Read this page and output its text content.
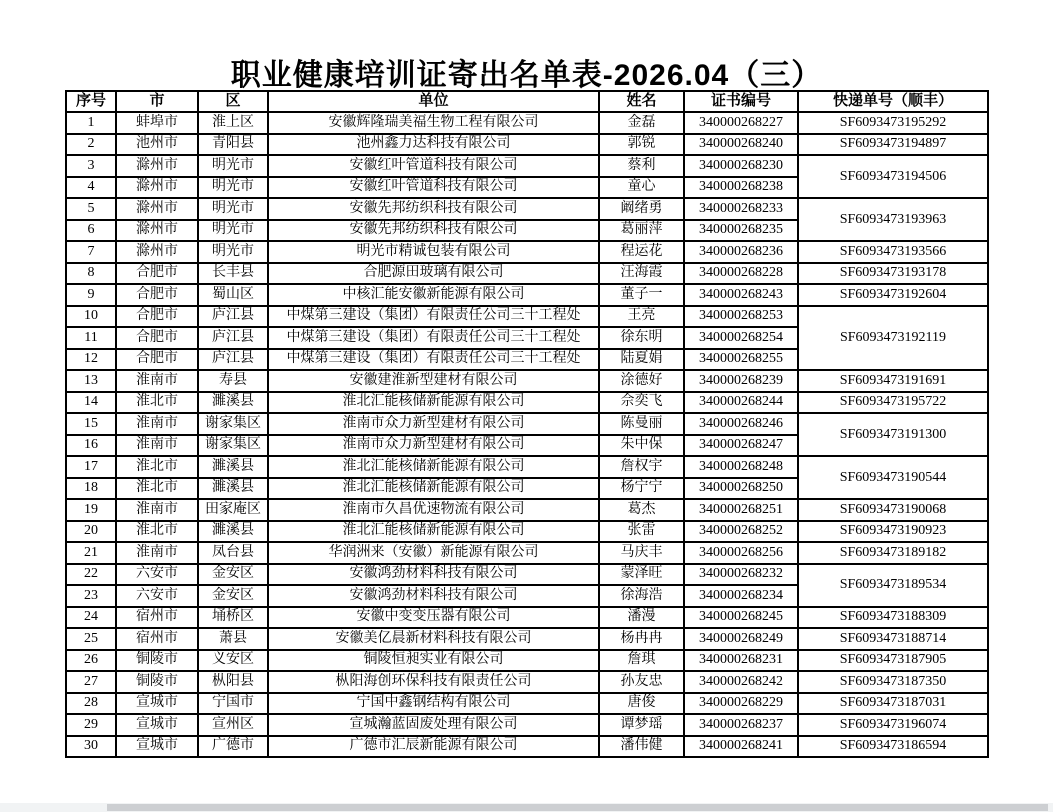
职业健康培训证寄出名单表-2026.04（三）
序号	市	区	单位	姓名	证书编号	快递单号（顺丰）
1	蚌埠市	淮上区	安徽辉隆瑞美福生物工程有限公司	金磊	340000268227	SF6093473195292
2	池州市	青阳县	池州鑫力达科技有限公司	郭锐	340000268240	SF6093473194897
3	滁州市	明光市	安徽红叶管道科技有限公司	蔡利	340000268230	SF6093473194506
4	滁州市	明光市	安徽红叶管道科技有限公司	童心	340000268238	
5	滁州市	明光市	安徽先邦纺织科技有限公司	阚绪勇	340000268233	SF6093473193963
6	滁州市	明光市	安徽先邦纺织科技有限公司	葛丽萍	340000268235	
7	滁州市	明光市	明光市精诚包装有限公司	程运花	340000268236	SF6093473193566
8	合肥市	长丰县	合肥源田玻璃有限公司	汪海霞	340000268228	SF6093473193178
9	合肥市	蜀山区	中核汇能安徽新能源有限公司	董子一	340000268243	SF6093473192604
10	合肥市	庐江县	中煤第三建设（集团）有限责任公司三十工程处	王亮	340000268253	SF6093473192119
11	合肥市	庐江县	中煤第三建设（集团）有限责任公司三十工程处	徐东明	340000268254	
12	合肥市	庐江县	中煤第三建设（集团）有限责任公司三十工程处	陆夏娟	340000268255	
13	淮南市	寿县	安徽建淮新型建材有限公司	涂德好	340000268239	SF6093473191691
14	淮北市	濉溪县	淮北汇能核储新能源有限公司	佘奕飞	340000268244	SF6093473195722
15	淮南市	谢家集区	淮南市众力新型建材有限公司	陈曼丽	340000268246	SF6093473191300
16	淮南市	谢家集区	淮南市众力新型建材有限公司	朱中保	340000268247	
17	淮北市	濉溪县	淮北汇能核储新能源有限公司	詹权宇	340000268248	SF6093473190544
18	淮北市	濉溪县	淮北汇能核储新能源有限公司	杨宁宁	340000268250	
19	淮南市	田家庵区	淮南市久昌优速物流有限公司	葛杰	340000268251	SF6093473190068
20	淮北市	濉溪县	淮北汇能核储新能源有限公司	张雷	340000268252	SF6093473190923
21	淮南市	凤台县	华润洲来（安徽）新能源有限公司	马庆丰	340000268256	SF6093473189182
22	六安市	金安区	安徽鸿劲材料科技有限公司	蒙泽旺	340000268232	SF6093473189534
23	六安市	金安区	安徽鸿劲材料科技有限公司	徐海浩	340000268234	
24	宿州市	埇桥区	安徽中变变压器有限公司	潘漫	340000268245	SF6093473188309
25	宿州市	萧县	安徽美亿晨新材料科技有限公司	杨冉冉	340000268249	SF6093473188714
26	铜陵市	义安区	铜陵恒昶实业有限公司	詹琪	340000268231	SF6093473187905
27	铜陵市	枞阳县	枞阳海创环保科技有限责任公司	孙友忠	340000268242	SF6093473187350
28	宣城市	宁国市	宁国中鑫钢结构有限公司	唐俊	340000268229	SF6093473187031
29	宣城市	宣州区	宣城瀚蓝固废处理有限公司	谭梦瑶	340000268237	SF6093473196074
30	宣城市	广德市	广德市汇辰新能源有限公司	潘伟健	340000268241	SF6093473186594
